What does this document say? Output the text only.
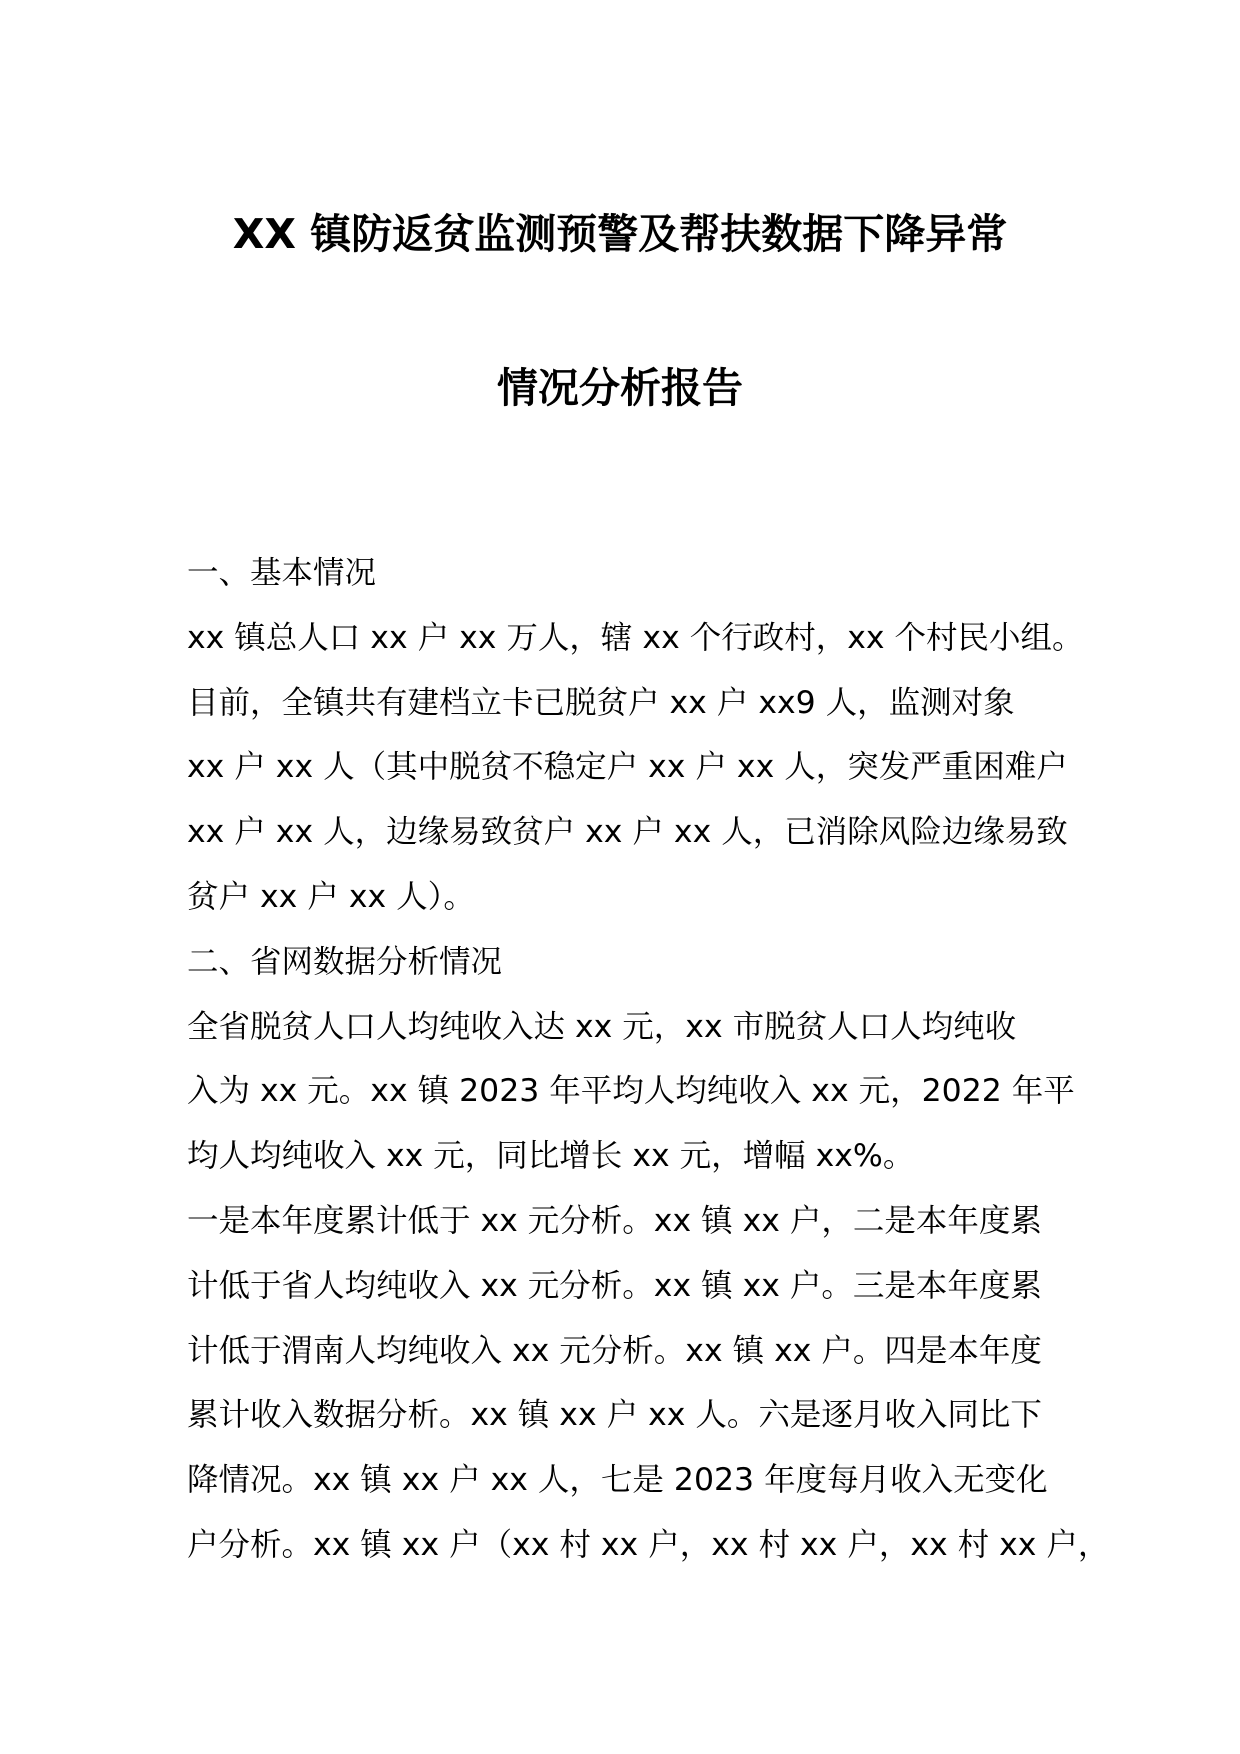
XX 镇防返贫监测预警及帮扶数据下降异常
情况分析报告
一、基本情况
xx 镇总人口 xx 户 xx 万人，辖 xx 个行政村，xx 个村民小组。
目前，全镇共有建档立卡已脱贫户 xx 户 xx9 人，监测对象
xx 户 xx 人（其中脱贫不稳定户 xx 户 xx 人，突发严重困难户
xx 户 xx 人，边缘易致贫户 xx 户 xx 人，已消除风险边缘易致
贫户 xx 户 xx 人）。
二、省网数据分析情况
全省脱贫人口人均纯收入达 xx 元，xx 市脱贫人口人均纯收
入为 xx 元。xx 镇 2023 年平均人均纯收入 xx 元，2022 年平
均人均纯收入 xx 元，同比增长 xx 元，增幅 xx%。
一是本年度累计低于 xx 元分析。xx 镇 xx 户，二是本年度累
计低于省人均纯收入 xx 元分析。xx 镇 xx 户。三是本年度累
计低于渭南人均纯收入 xx 元分析。xx 镇 xx 户。四是本年度
累计收入数据分析。xx 镇 xx 户 xx 人。六是逐月收入同比下
降情况。xx 镇 xx 户 xx 人，七是 2023 年度每月收入无变化
户分析。xx 镇 xx 户（xx 村 xx 户，xx 村 xx 户，xx 村 xx 户，
